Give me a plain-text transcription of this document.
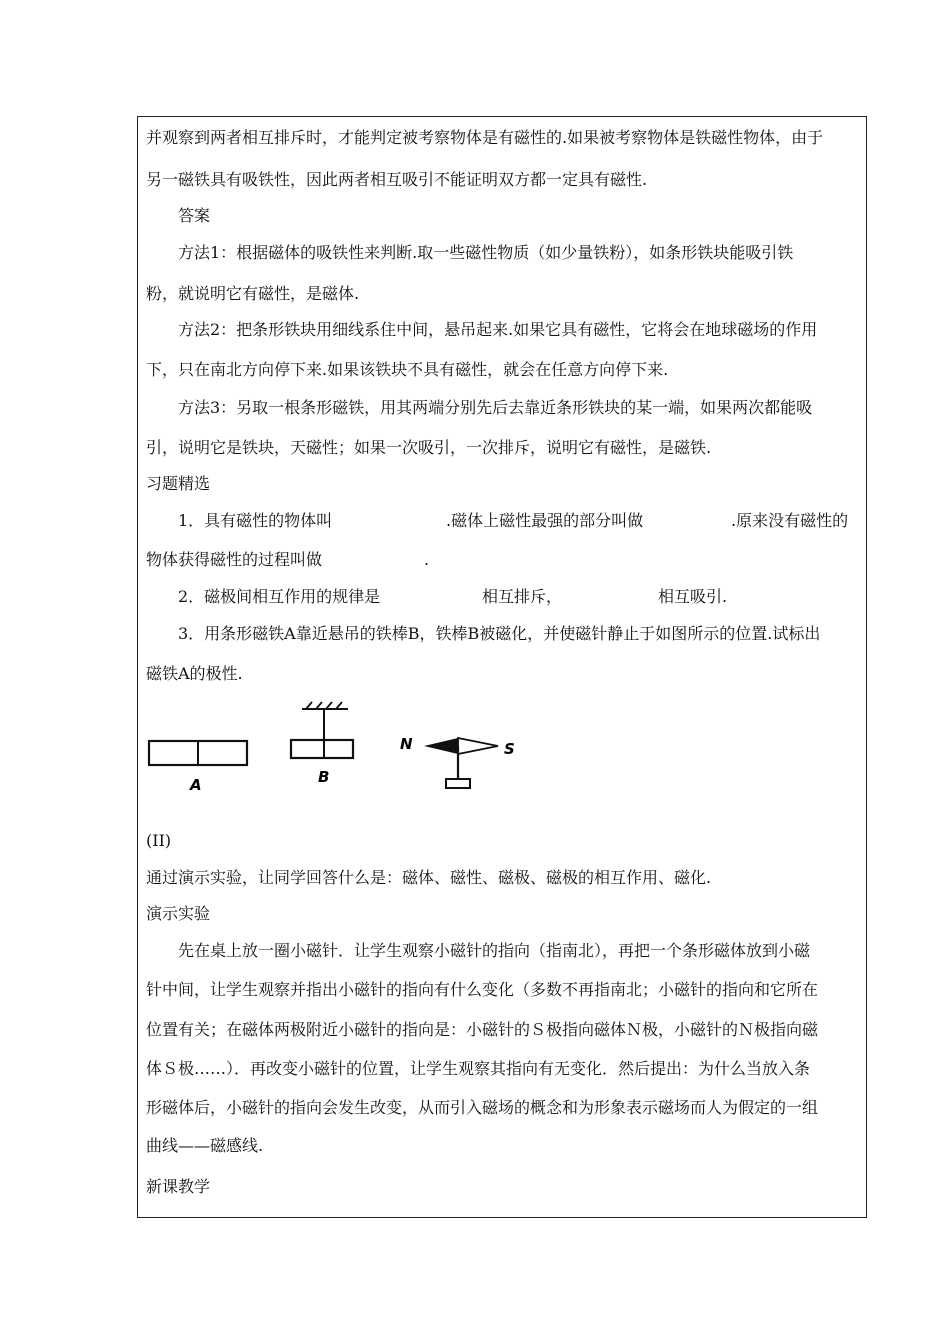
并观察到两者相互排斥时，才能判定被考察物体是有磁性的.如果被考察物体是铁磁性物体，由于
另一磁铁具有吸铁性，因此两者相互吸引不能证明双方都一定具有磁性.
答案
方法1：根据磁体的吸铁性来判断.取一些磁性物质（如少量铁粉），如条形铁块能吸引铁
粉，就说明它有磁性，是磁体.
方法2：把条形铁块用细线系住中间，悬吊起来.如果它具有磁性，它将会在地球磁场的作用
下，只在南北方向停下来.如果该铁块不具有磁性，就会在任意方向停下来.
方法3：另取一根条形磁铁，用其两端分别先后去靠近条形铁块的某一端，如果两次都能吸
引，说明它是铁块，天磁性；如果一次吸引，一次排斥，说明它有磁性，是磁铁.
习题精选
1．具有磁性的物体叫	.磁体上磁性最强的部分叫做	.原来没有磁性的
物体获得磁性的过程叫做	.
2．磁极间相互作用的规律是	相互排斥，	相互吸引.
3．用条形磁铁A靠近悬吊的铁棒B，铁棒B被磁化，并使磁针静止于如图所示的位置.试标出
磁铁A的极性.
A	B
N	S
(II)
通过演示实验，让同学回答什么是：磁体、磁性、磁极、磁极的相互作用、磁化.
演示实验
先在桌上放一圈小磁针．让学生观察小磁针的指向（指南北），再把一个条形磁体放到小磁
针中间，让学生观察并指出小磁针的指向有什么变化（多数不再指南北；小磁针的指向和它所在
位置有关；在磁体两极附近小磁针的指向是：小磁针的Ｓ极指向磁体Ｎ极，小磁针的Ｎ极指向磁
体Ｓ极……）．再改变小磁针的位置，让学生观察其指向有无变化．然后提出：为什么当放入条
形磁体后，小磁针的指向会发生改变，从而引入磁场的概念和为形象表示磁场而人为假定的一组
曲线——磁感线.
新课教学
